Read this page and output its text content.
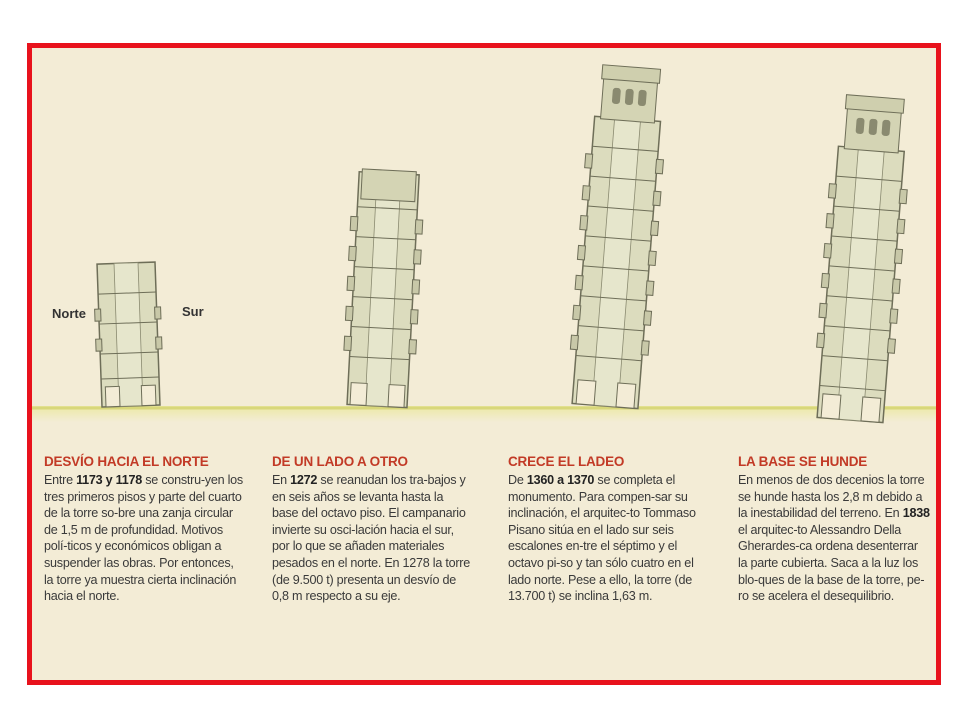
Norte	Sur
DESVÍO HACIA EL NORTE

Entre 1173 y 1178 se constru-yen los tres primeros pisos y parte del cuarto de la torre so-bre una zanja circular de 1,5 m de profundidad. Motivos polí-ticos y económicos obligan a suspender las obras. Por entonces, la torre ya muestra cierta inclinación hacia el norte.

DE UN LADO A OTRO

En 1272 se reanudan los tra-bajos y en seis años se levanta hasta la base del octavo piso. El campanario invierte su osci-lación hacia el sur, por lo que se añaden materiales pesados en el norte. En 1278 la torre (de 9.500 t) presenta un desvío de 0,8 m respecto a su eje.

CRECE EL LADEO

De 1360 a 1370 se completa el monumento. Para compen-sar su inclinación, el arquitec-to Tommaso Pisano sitúa en el lado sur seis escalones en-tre el séptimo y el octavo pi-so y tan sólo cuatro en el lado norte. Pese a ello, la torre (de 13.700 t) se inclina 1,63 m.

LA BASE SE HUNDE

En menos de dos decenios la torre se hunde hasta los 2,8 m debido a la inestabilidad del terreno. En 1838 el arquitec-to Alessandro Della Gherardes-ca ordena desenterrar la parte cubierta. Saca a la luz los blo-ques de la base de la torre, pe-ro se acelera el desequilibrio.
